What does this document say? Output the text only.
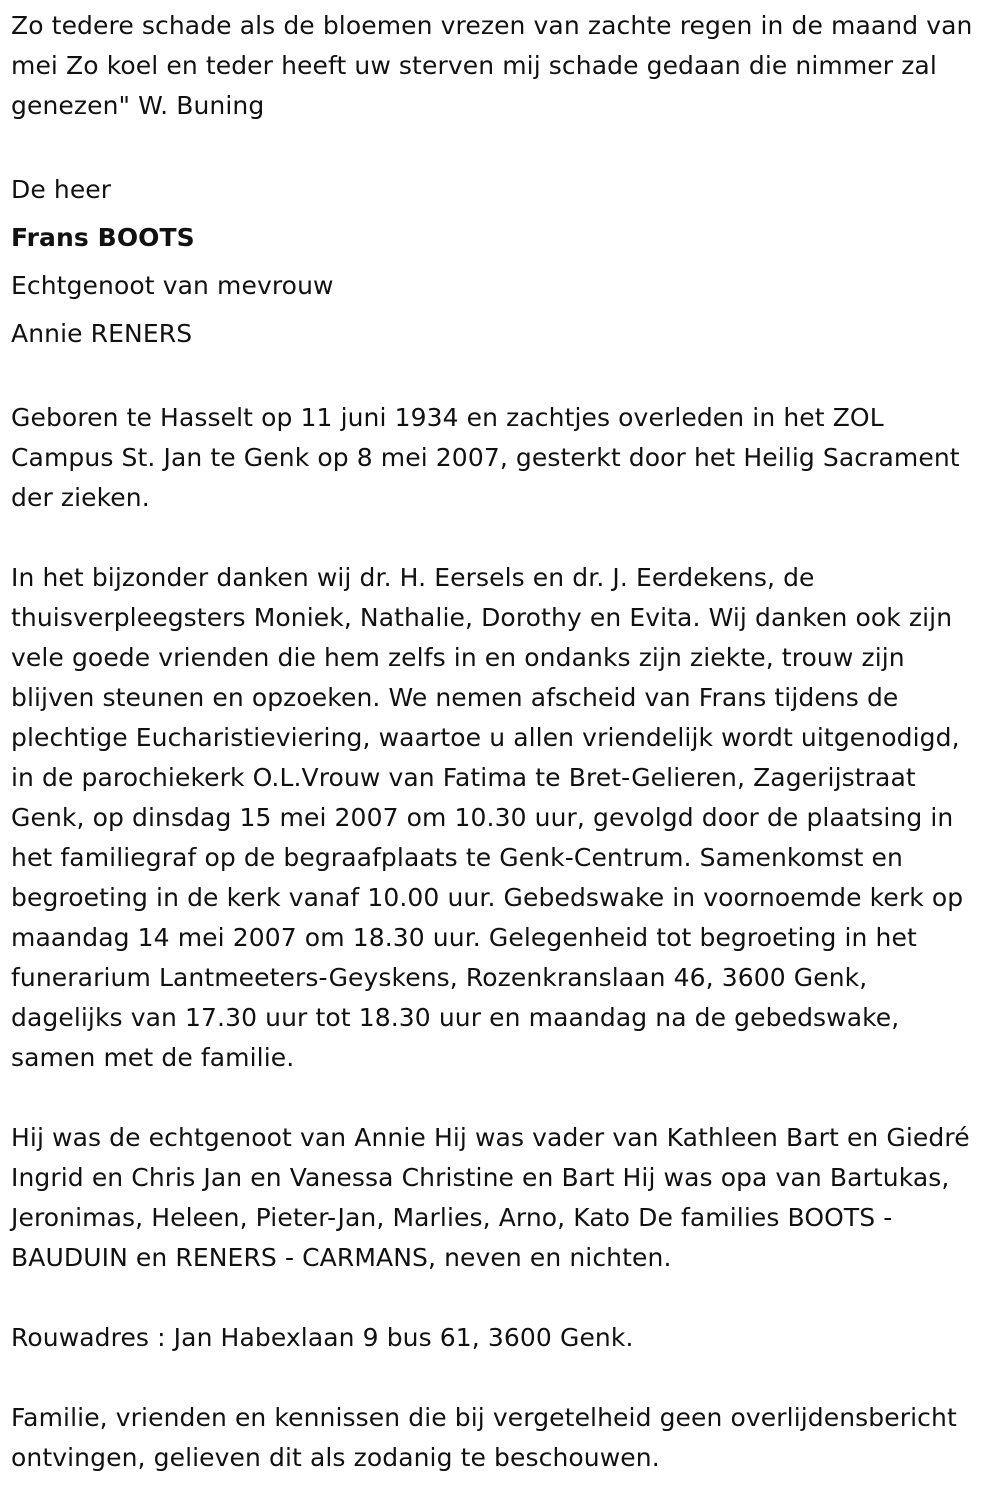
Zo tedere schade als de bloemen vrezen van zachte regen in de maand van mei Zo koel en teder heeft uw sterven mij schade gedaan die nimmer zal genezen" W. Buning

De heer

Frans BOOTS

Echtgenoot van mevrouw

Annie RENERS

Geboren te Hasselt op 11 juni 1934 en zachtjes overleden in het ZOL Campus St. Jan te Genk op 8 mei 2007, gesterkt door het Heilig Sacrament der zieken.

In het bijzonder danken wij dr. H. Eersels en dr. J. Eerdekens, de thuisverpleegsters Moniek, Nathalie, Dorothy en Evita. Wij danken ook zijn vele goede vrienden die hem zelfs in en ondanks zijn ziekte, trouw zijn blijven steunen en opzoeken. We nemen afscheid van Frans tijdens de plechtige Eucharistieviering, waartoe u allen vriendelijk wordt uitgenodigd, in de parochiekerk O.L.Vrouw van Fatima te Bret-Gelieren, Zagerijstraat Genk, op dinsdag 15 mei 2007 om 10.30 uur, gevolgd door de plaatsing in het familiegraf op de begraafplaats te Genk-Centrum. Samenkomst en begroeting in de kerk vanaf 10.00 uur. Gebedswake in voornoemde kerk op maandag 14 mei 2007 om 18.30 uur. Gelegenheid tot begroeting in het funerarium Lantmeeters-Geyskens, Rozenkranslaan 46, 3600 Genk, dagelijks van 17.30 uur tot 18.30 uur en maandag na de gebedswake, samen met de familie.

Hij was de echtgenoot van Annie Hij was vader van Kathleen Bart en Giedré Ingrid en Chris Jan en Vanessa Christine en Bart Hij was opa van Bartukas, Jeronimas, Heleen, Pieter-Jan, Marlies, Arno, Kato De families BOOTS - BAUDUIN en RENERS - CARMANS, neven en nichten.

Rouwadres : Jan Habexlaan 9 bus 61, 3600 Genk.

Familie, vrienden en kennissen die bij vergetelheid geen overlijdensbericht ontvingen, gelieven dit als zodanig te beschouwen.
